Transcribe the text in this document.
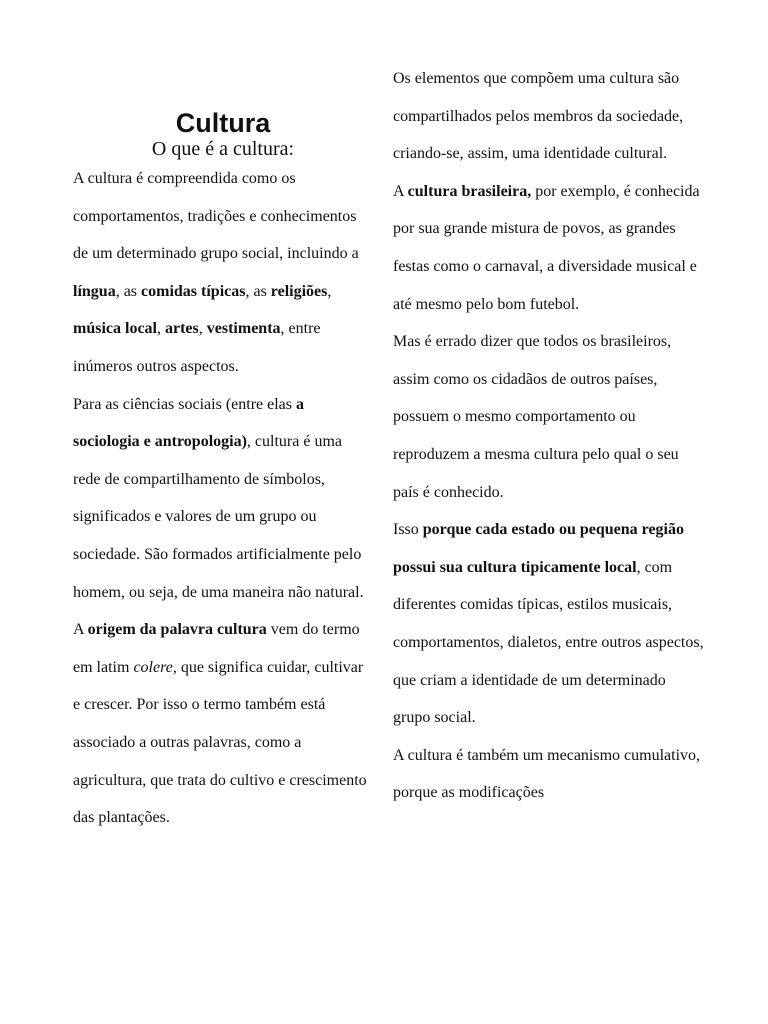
Cultura
O que é a cultura:

A cultura é compreendida como os comportamentos, tradições e conhecimentos de um determinado grupo social, incluindo a língua, as comidas típicas, as religiões, música local, artes, vestimenta, entre inúmeros outros aspectos.

Para as ciências sociais (entre elas a sociologia e antropologia), cultura é uma rede de compartilhamento de símbolos, significados e valores de um grupo ou sociedade. São formados artificialmente pelo homem, ou seja, de uma maneira não natural.

A origem da palavra cultura vem do termo em latim colere, que significa cuidar, cultivar e crescer. Por isso o termo também está associado a outras palavras, como a agricultura, que trata do cultivo e crescimento das plantações.

Os elementos que compõem uma cultura são compartilhados pelos membros da sociedade, criando-se, assim, uma identidade cultural.

A cultura brasileira, por exemplo, é conhecida por sua grande mistura de povos, as grandes festas como o carnaval, a diversidade musical e até mesmo pelo bom futebol.

Mas é errado dizer que todos os brasileiros, assim como os cidadãos de outros países, possuem o mesmo comportamento ou reproduzem a mesma cultura pelo qual o seu país é conhecido.

Isso porque cada estado ou pequena região possui sua cultura tipicamente local, com diferentes comidas típicas, estilos musicais, comportamentos, dialetos, entre outros aspectos, que criam a identidade de um determinado grupo social.

A cultura é também um mecanismo cumulativo, porque as modificações
